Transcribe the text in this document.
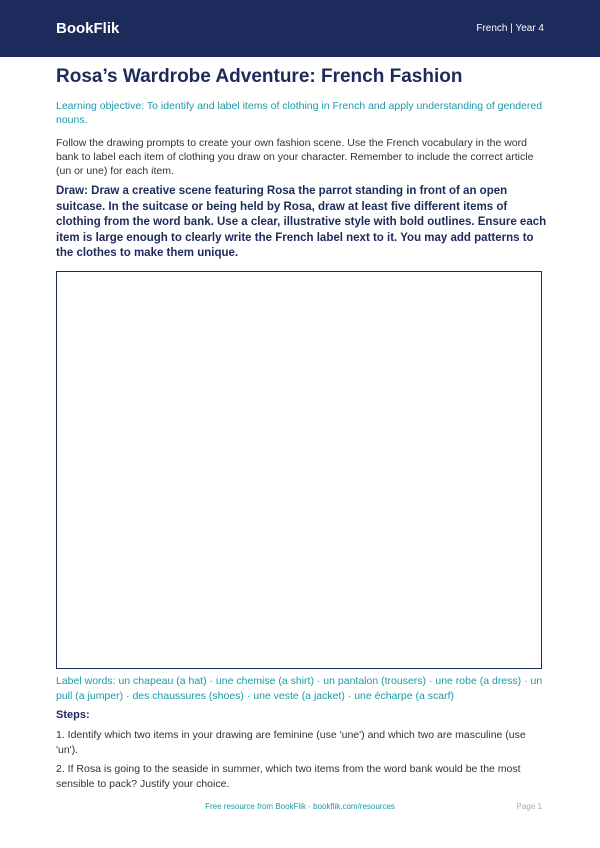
BookFlik	French | Year 4
Rosa’s Wardrobe Adventure: French Fashion

Learning objective: To identify and label items of clothing in French and apply understanding of gendered nouns.

Follow the drawing prompts to create your own fashion scene. Use the French vocabulary in the word bank to label each item of clothing you draw on your character. Remember to include the correct article (un or une) for each item.

Draw: Draw a creative scene featuring Rosa the parrot standing in front of an open suitcase. In the suitcase or being held by Rosa, draw at least five different items of clothing from the word bank. Use a clear, illustrative style with bold outlines. Ensure each item is large enough to clearly write the French label next to it. You may add patterns to the clothes to make them unique.

Label words: un chapeau (a hat) · une chemise (a shirt) · un pantalon (trousers) · une robe (a dress) · un pull (a jumper) · des chaussures (shoes) · une veste (a jacket) · une écharpe (a scarf)

Steps:
1. Identify which two items in your drawing are feminine (use 'une') and which two are masculine (use 'un').
2. If Rosa is going to the seaside in summer, which two items from the word bank would be the most sensible to pack? Justify your choice.
Free resource from BookFlik · bookflik.com/resources	Page 1
